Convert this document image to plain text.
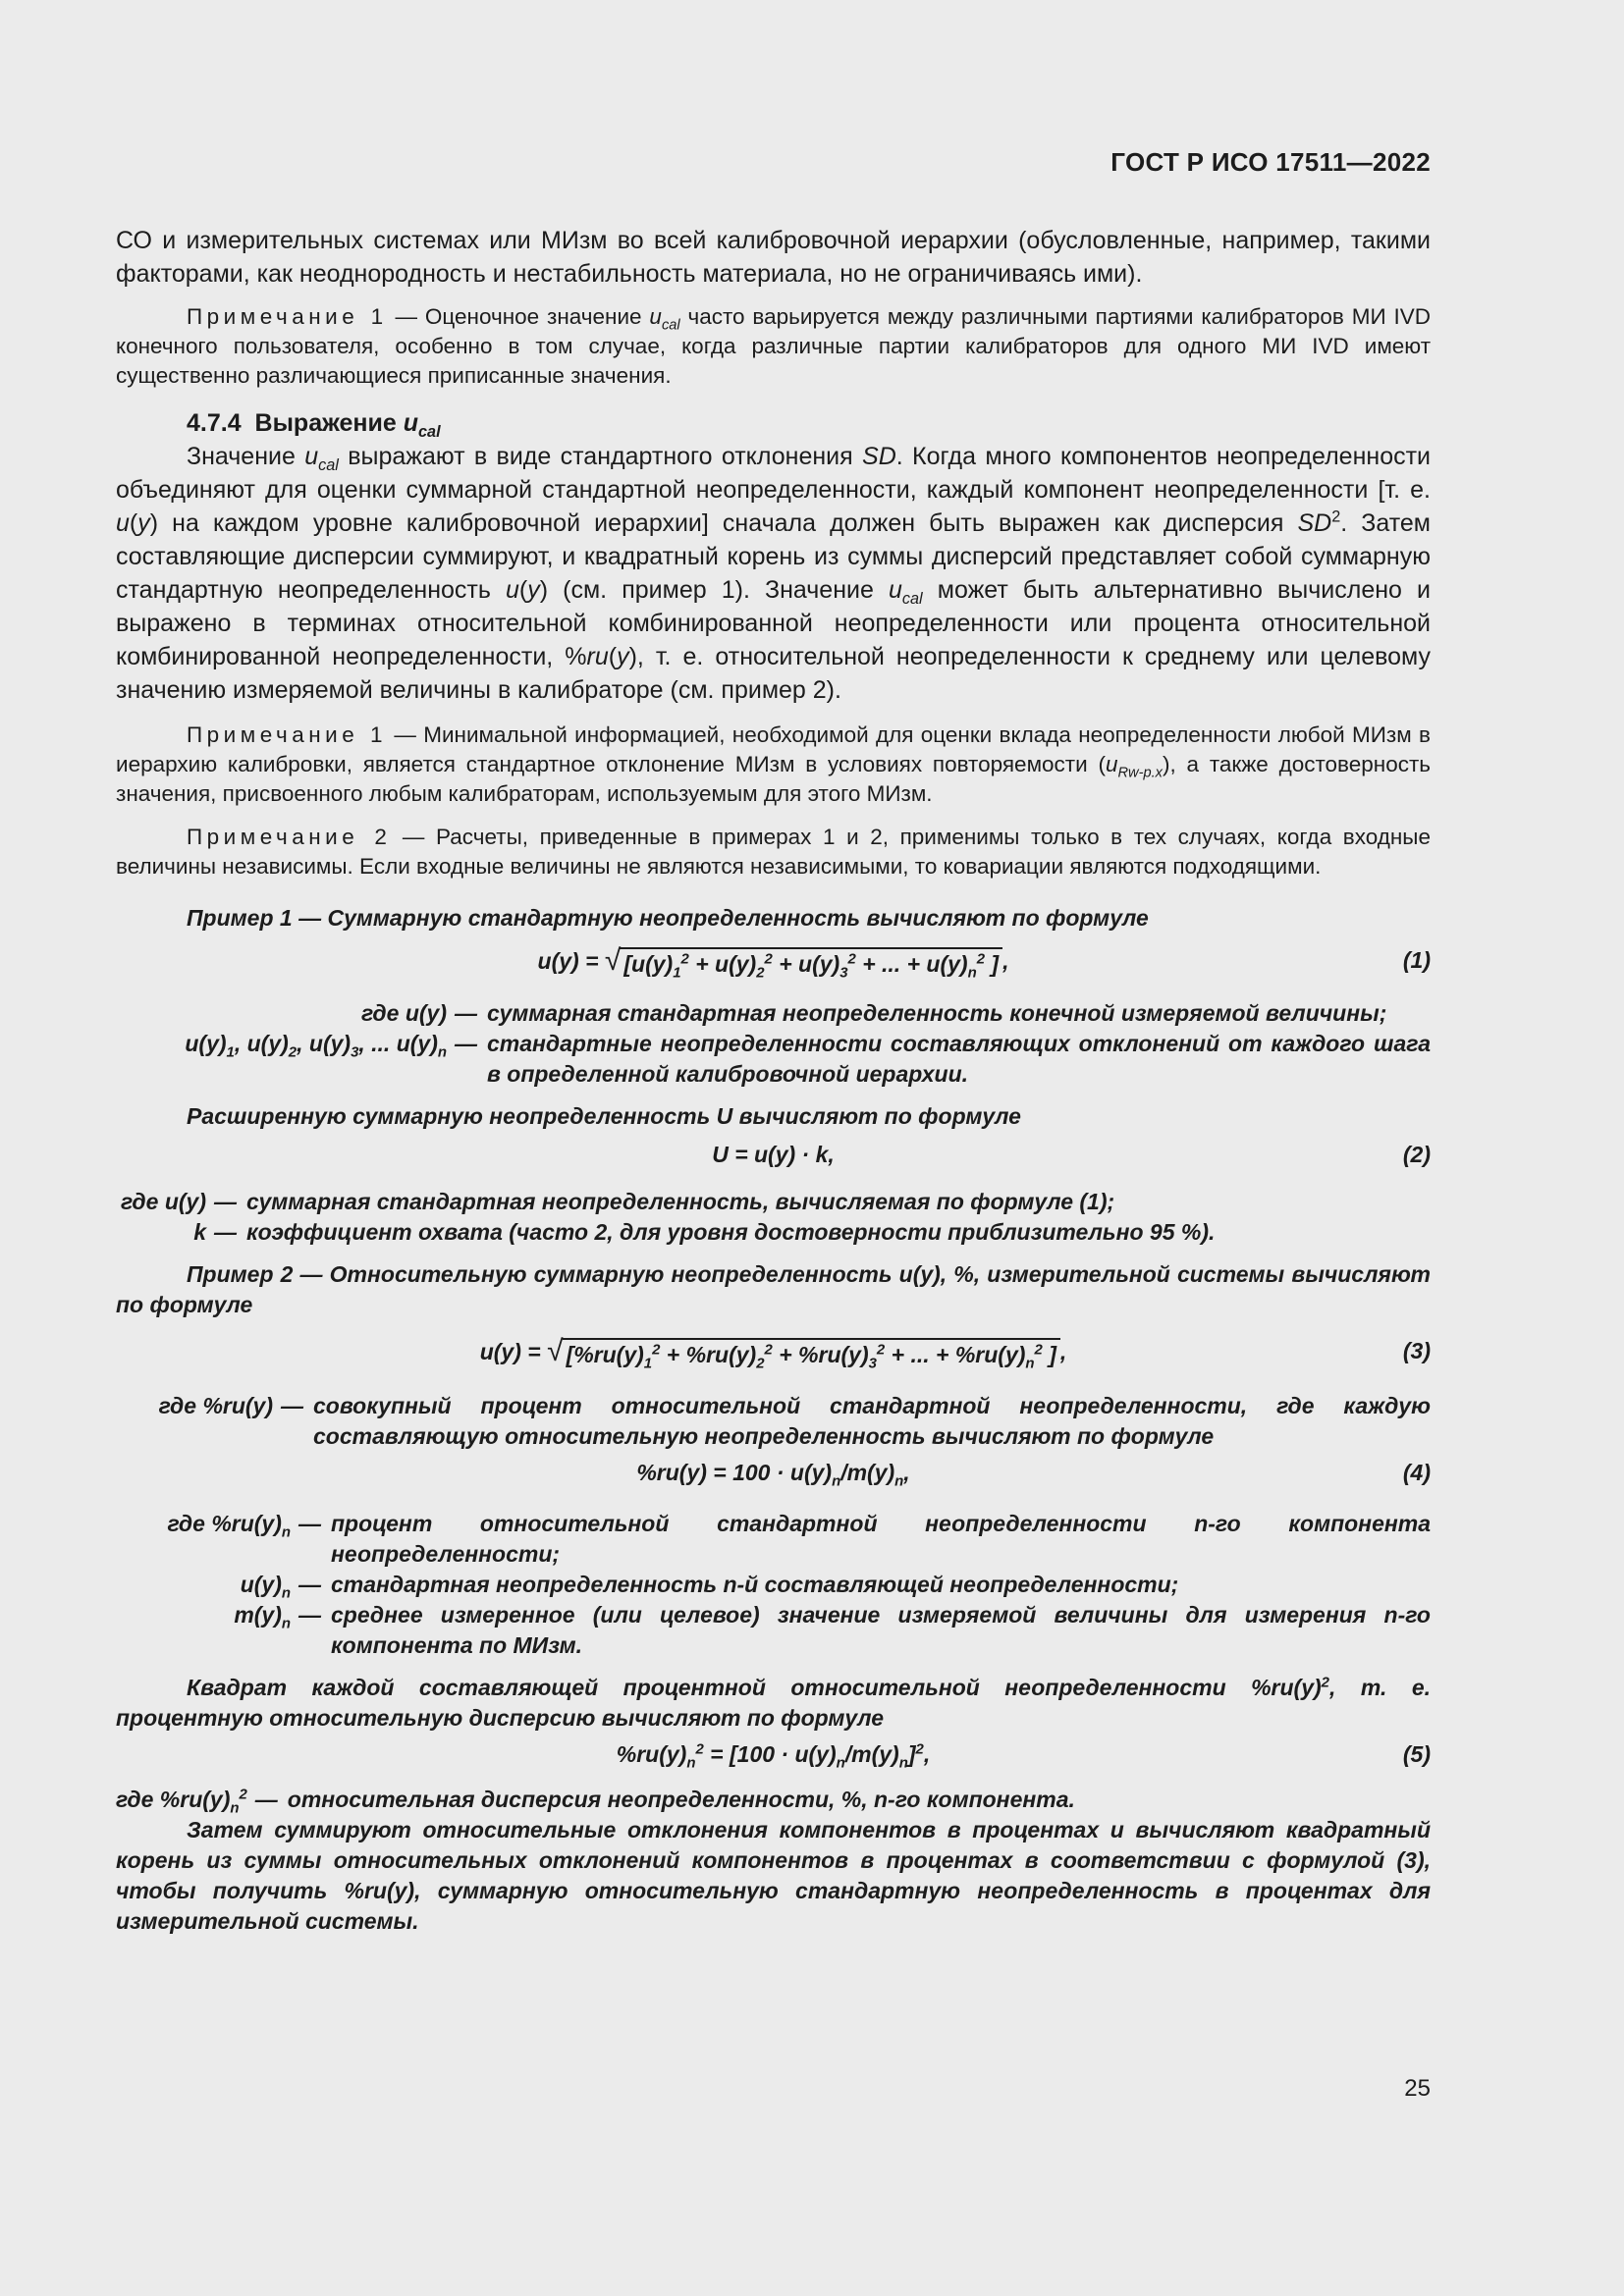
ГОСТ Р ИСО 17511—2022

СО и измерительных системах или МИзм во всей калибровочной иерархии (обусловленные, например, такими факторами, как неоднородность и нестабильность материала, но не ограничиваясь ими).

Примечание 1 — Оценочное значение $u_{cal}$ часто варьируется между различными партиями калибраторов МИ IVD конечного пользователя, особенно в том случае, когда различные партии калибраторов для одного МИ IVD имеют существенно различающиеся приписанные значения.

4.7.4 Выражение $u_{cal}$

Значение $u_{cal}$ выражают в виде стандартного отклонения SD. Когда много компонентов неопределенности объединяют для оценки суммарной стандартной неопределенности, каждый компонент неопределенности [т. е. u(y) на каждом уровне калибровочной иерархии] сначала должен быть выражен как дисперсия $SD^2$. Затем составляющие дисперсии суммируют, и квадратный корень из суммы дисперсий представляет собой суммарную стандартную неопределенность u(y) (см. пример 1). Значение $u_{cal}$ может быть альтернативно вычислено и выражено в терминах относительной комбинированной неопределенности или процента относительной комбинированной неопределенности, %ru(y), т. е. относительной неопределенности к среднему или целевому значению измеряемой величины в калибраторе (см. пример 2).

Примечание 1 — Минимальной информацией, необходимой для оценки вклада неопределенности любой МИзм в иерархию калибровки, является стандартное отклонение МИзм в условиях повторяемости $(u_{Rw-p.x})$, а также достоверность значения, присвоенного любым калибраторам, используемым для этого МИзм.

Примечание 2 — Расчеты, приведенные в примерах 1 и 2, применимы только в тех случаях, когда входные величины независимы. Если входные величины не являются независимыми, то ковариации являются подходящими.

Пример 1 — Суммарную стандартную неопределенность вычисляют по формуле

u(y) = √ [$u(y)_1^2 + u(y)_2^2 + u(y)_3^2$ + ... + $u(y)_n^2$ ] ,	(1)
где u(y) — суммарная стандартная неопределенность конечной измеряемой величины;
$u(y)_1$, $u(y)_2$, $u(y)_3$, ... $u(y)_n$ — стандартные неопределенности составляющих отклонений от каждого шага в определенной калибровочной иерархии.

Расширенную суммарную неопределенность U вычисляют по формуле

U = u(y) · k,	(2)
где u(y) — суммарная стандартная неопределенность, вычисляемая по формуле (1);
k — коэффициент охвата (часто 2, для уровня достоверности приблизительно 95 %).

Пример 2 — Относительную суммарную неопределенность u(y), %, измерительной системы вычисляют по формуле

u(y) = √ [$\%ru(y)_1^2 + \%ru(y)_2^2 + \%ru(y)_3^2$ + ... + $\%ru(y)_n^2$ ] ,	(3)
где %ru(y) — совокупный процент относительной стандартной неопределенности, где каждую составляющую относительную неопределенность вычисляют по формуле
$\%ru(y) = 100 \cdot u(y)_n/m(y)_n$,	(4)
где $\%ru(y)_n$ — процент относительной стандартной неопределенности n-го компонента неопределенности;
$u(y)_n$ — стандартная неопределенность n-й составляющей неопределенности;
$m(y)_n$ — среднее измеренное (или целевое) значение измеряемой величины для измерения n-го компонента по МИзм.

Квадрат каждой составляющей процентной относительной неопределенности $\%ru(y)^2$, т. е. процентную относительную дисперсию вычисляют по формуле

$\%ru(y)_n^2 = [100 \cdot u(y)_n/m(y)_n]^2$,	(5)
где $\%ru(y)_n^2$ — относительная дисперсия неопределенности, %, n-го компонента.

Затем суммируют относительные отклонения компонентов в процентах и вычисляют квадратный корень из суммы относительных отклонений компонентов в процентах в соответствии с формулой (3), чтобы получить %ru(y), суммарную относительную стандартную неопределенность в процентах для измерительной системы.

25
